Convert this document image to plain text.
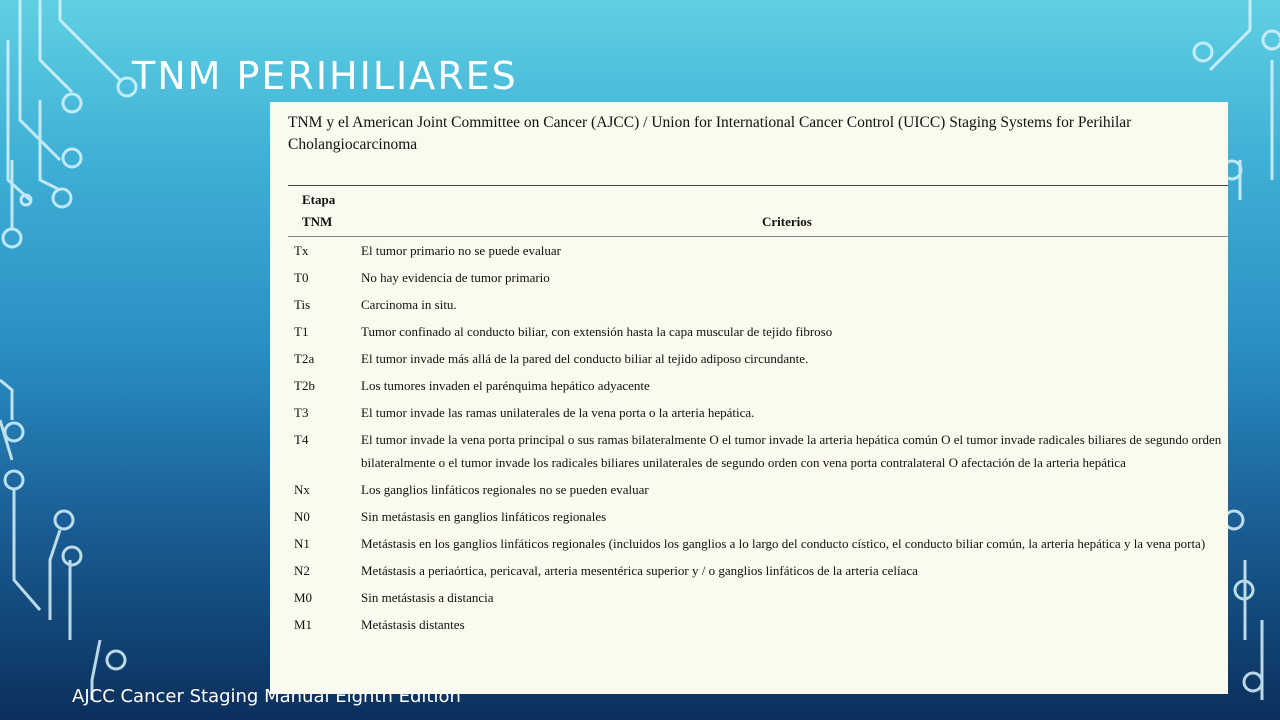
TNM PERIHILIARES
TNM y el American Joint Committee on Cancer (AJCC) / Union for International Cancer Control (UICC) Staging Systems for Perihilar
Cholangiocarcinoma
Etapa
TNM	Criterios
Tx	El tumor primario no se puede evaluar
T0	No hay evidencia de tumor primario
Tis	Carcinoma in situ.
T1	Tumor confinado al conducto biliar, con extensión hasta la capa muscular de tejido fibroso
T2a	El tumor invade más allá de la pared del conducto biliar al tejido adiposo circundante.
T2b	Los tumores invaden el parénquima hepático adyacente
T3	El tumor invade las ramas unilaterales de la vena porta o la arteria hepática.
T4	El tumor invade la vena porta principal o sus ramas bilateralmente O el tumor invade la arteria hepática común O el tumor invade radicales biliares de segundo orden bilateralmente o el tumor invade los radicales biliares unilaterales de segundo orden con vena porta contralateral O afectación de la arteria hepática
Nx	Los ganglios linfáticos regionales no se pueden evaluar
N0	Sin metástasis en ganglios linfáticos regionales
N1	Metástasis en los ganglios linfáticos regionales (incluidos los ganglios a lo largo del conducto cístico, el conducto biliar común, la arteria hepática y la vena porta)
N2	Metástasis a periaórtica, pericaval, arteria mesentérica superior y / o ganglios linfáticos de la arteria celíaca
M0	Sin metástasis a distancia
M1	Metástasis distantes
AJCC Cancer Staging Manual Eighth Edition
